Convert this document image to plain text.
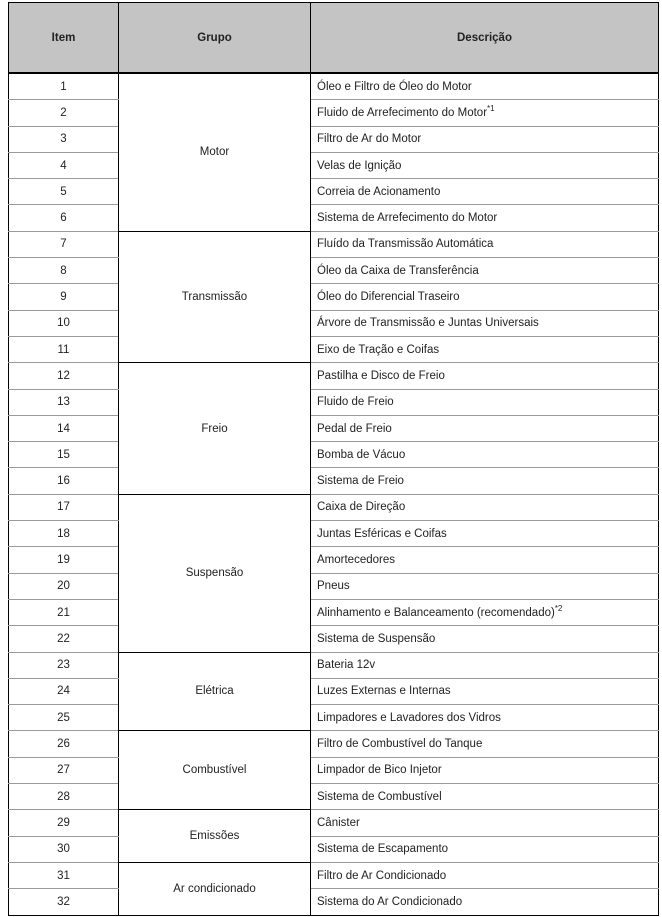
Item	Grupo	Descrição
1	Motor	Óleo e Filtro de Óleo do Motor
2		Fluido de Arrefecimento do Motor$^{*1}$
3		Filtro de Ar do Motor
4		Velas de Ignição
5		Correia de Acionamento
6		Sistema de Arrefecimento do Motor
7	Transmissão	Fluído da Transmissão Automática
8		Óleo da Caixa de Transferência
9		Óleo do Diferencial Traseiro
10		Árvore de Transmissão e Juntas Universais
11		Eixo de Tração e Coifas
12	Freio	Pastilha e Disco de Freio
13		Fluido de Freio
14		Pedal de Freio
15		Bomba de Vácuo
16		Sistema de Freio
17	Suspensão	Caixa de Direção
18		Juntas Esféricas e Coifas
19		Amortecedores
20		Pneus
21		Alinhamento e Balanceamento (recomendado)$^{*2}$
22		Sistema de Suspensão
23	Elétrica	Bateria 12v
24		Luzes Externas e Internas
25		Limpadores e Lavadores dos Vidros
26	Combustível	Filtro de Combustível do Tanque
27		Limpador de Bico Injetor
28		Sistema de Combustível
29	Emissões	Cânister
30		Sistema de Escapamento
31	Ar condicionado	Filtro de Ar Condicionado
32		Sistema do Ar Condicionado
